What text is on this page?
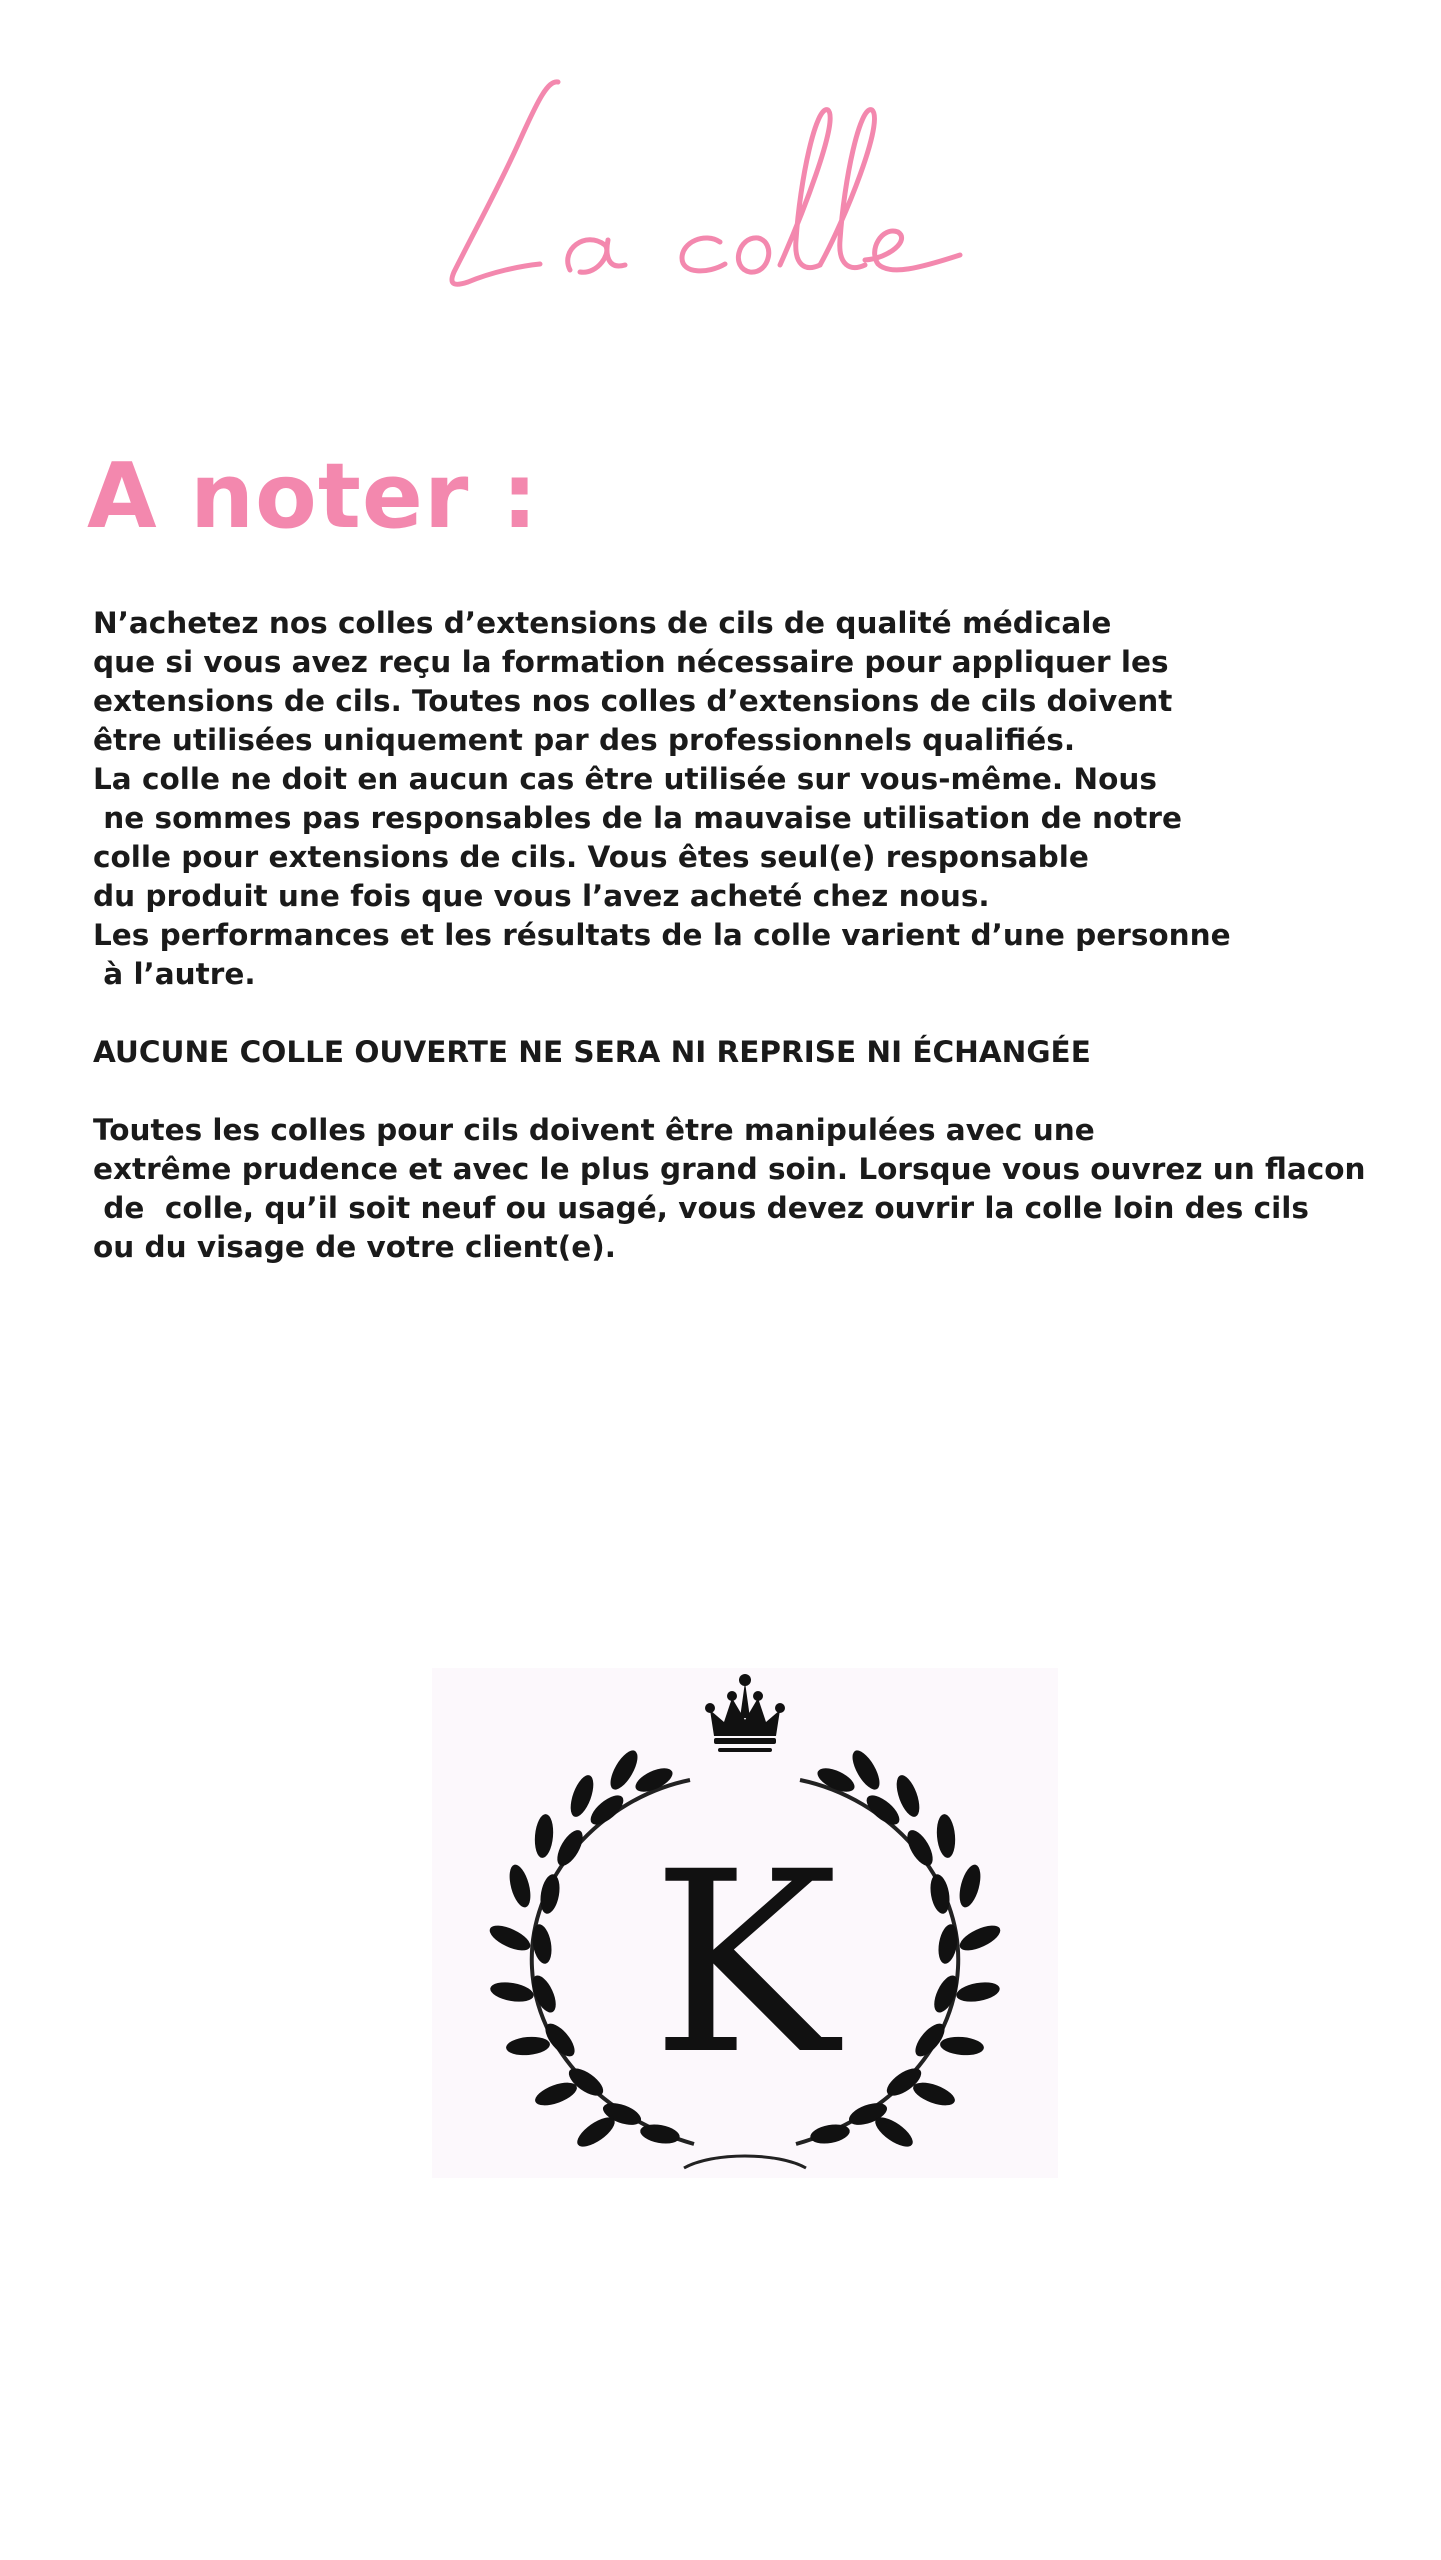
A noter :

N’achetez nos colles d’extensions de cils de qualité médicale
que si vous avez reçu la formation nécessaire pour appliquer les
extensions de cils. Toutes nos colles d’extensions de cils doivent
être utilisées uniquement par des professionnels qualifiés.
La colle ne doit en aucun cas être utilisée sur vous-même. Nous
ne sommes pas responsables de la mauvaise utilisation de notre
colle pour extensions de cils. Vous êtes seul(e) responsable
du produit une fois que vous l’avez acheté chez nous.
Les performances et les résultats de la colle varient d’une personne
à l’autre.

AUCUNE COLLE OUVERTE NE SERA NI REPRISE NI ÉCHANGÉE

Toutes les colles pour cils doivent être manipulées avec une
extrême prudence et avec le plus grand soin. Lorsque vous ouvrez un flacon
de  colle, qu’il soit neuf ou usagé, vous devez ouvrir la colle loin des cils
ou du visage de votre client(e).

K
